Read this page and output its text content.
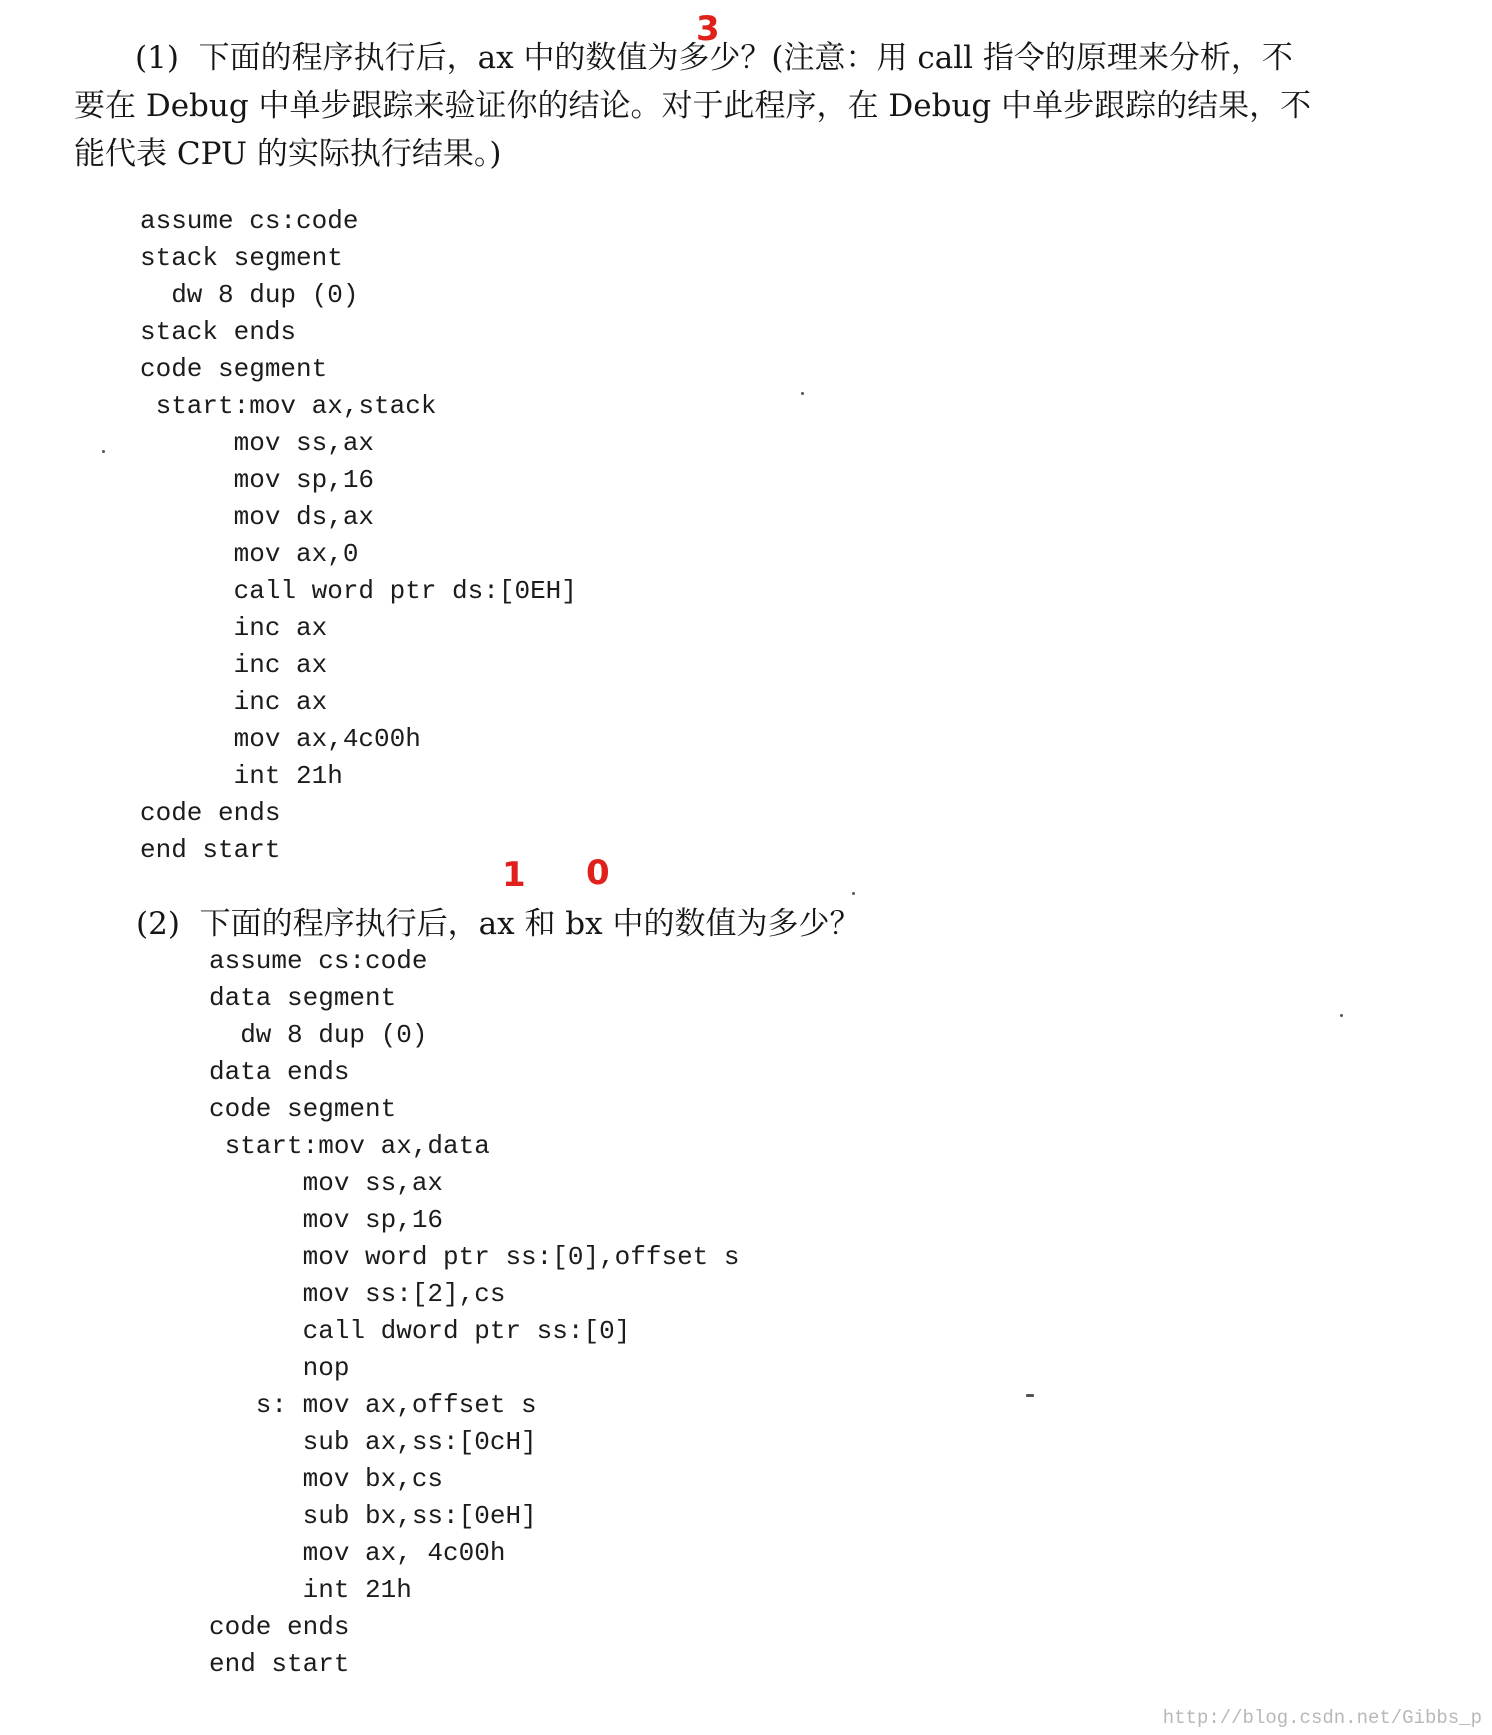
3
(1)  下面的程序执行后，ax 中的数值为多少？(注意：用 call 指令的原理来分析，不
要在 Debug 中单步跟踪来验证你的结论。对于此程序，在 Debug 中单步跟踪的结果，不
能代表 CPU 的实际执行结果。)
assume cs:code
stack segment
dw 8 dup (0)
stack ends
code segment
start:mov ax,stack
mov ss,ax
mov sp,16
mov ds,ax
mov ax,0
call word ptr ds:[0EH]
inc ax
inc ax
inc ax
mov ax,4c00h
int 21h
code ends
end start
1 0
(2)  下面的程序执行后，ax 和 bx 中的数值为多少？
assume cs:code
data segment
dw 8 dup (0)
data ends
code segment
start:mov ax,data
mov ss,ax
mov sp,16
mov word ptr ss:[0],offset s
mov ss:[2],cs
call dword ptr ss:[0]
nop
s: mov ax,offset s
sub ax,ss:[0cH]
mov bx,cs
sub bx,ss:[0eH]
mov ax, 4c00h
int 21h
code ends
end start
http://blog.csdn.net/Gibbs_p
